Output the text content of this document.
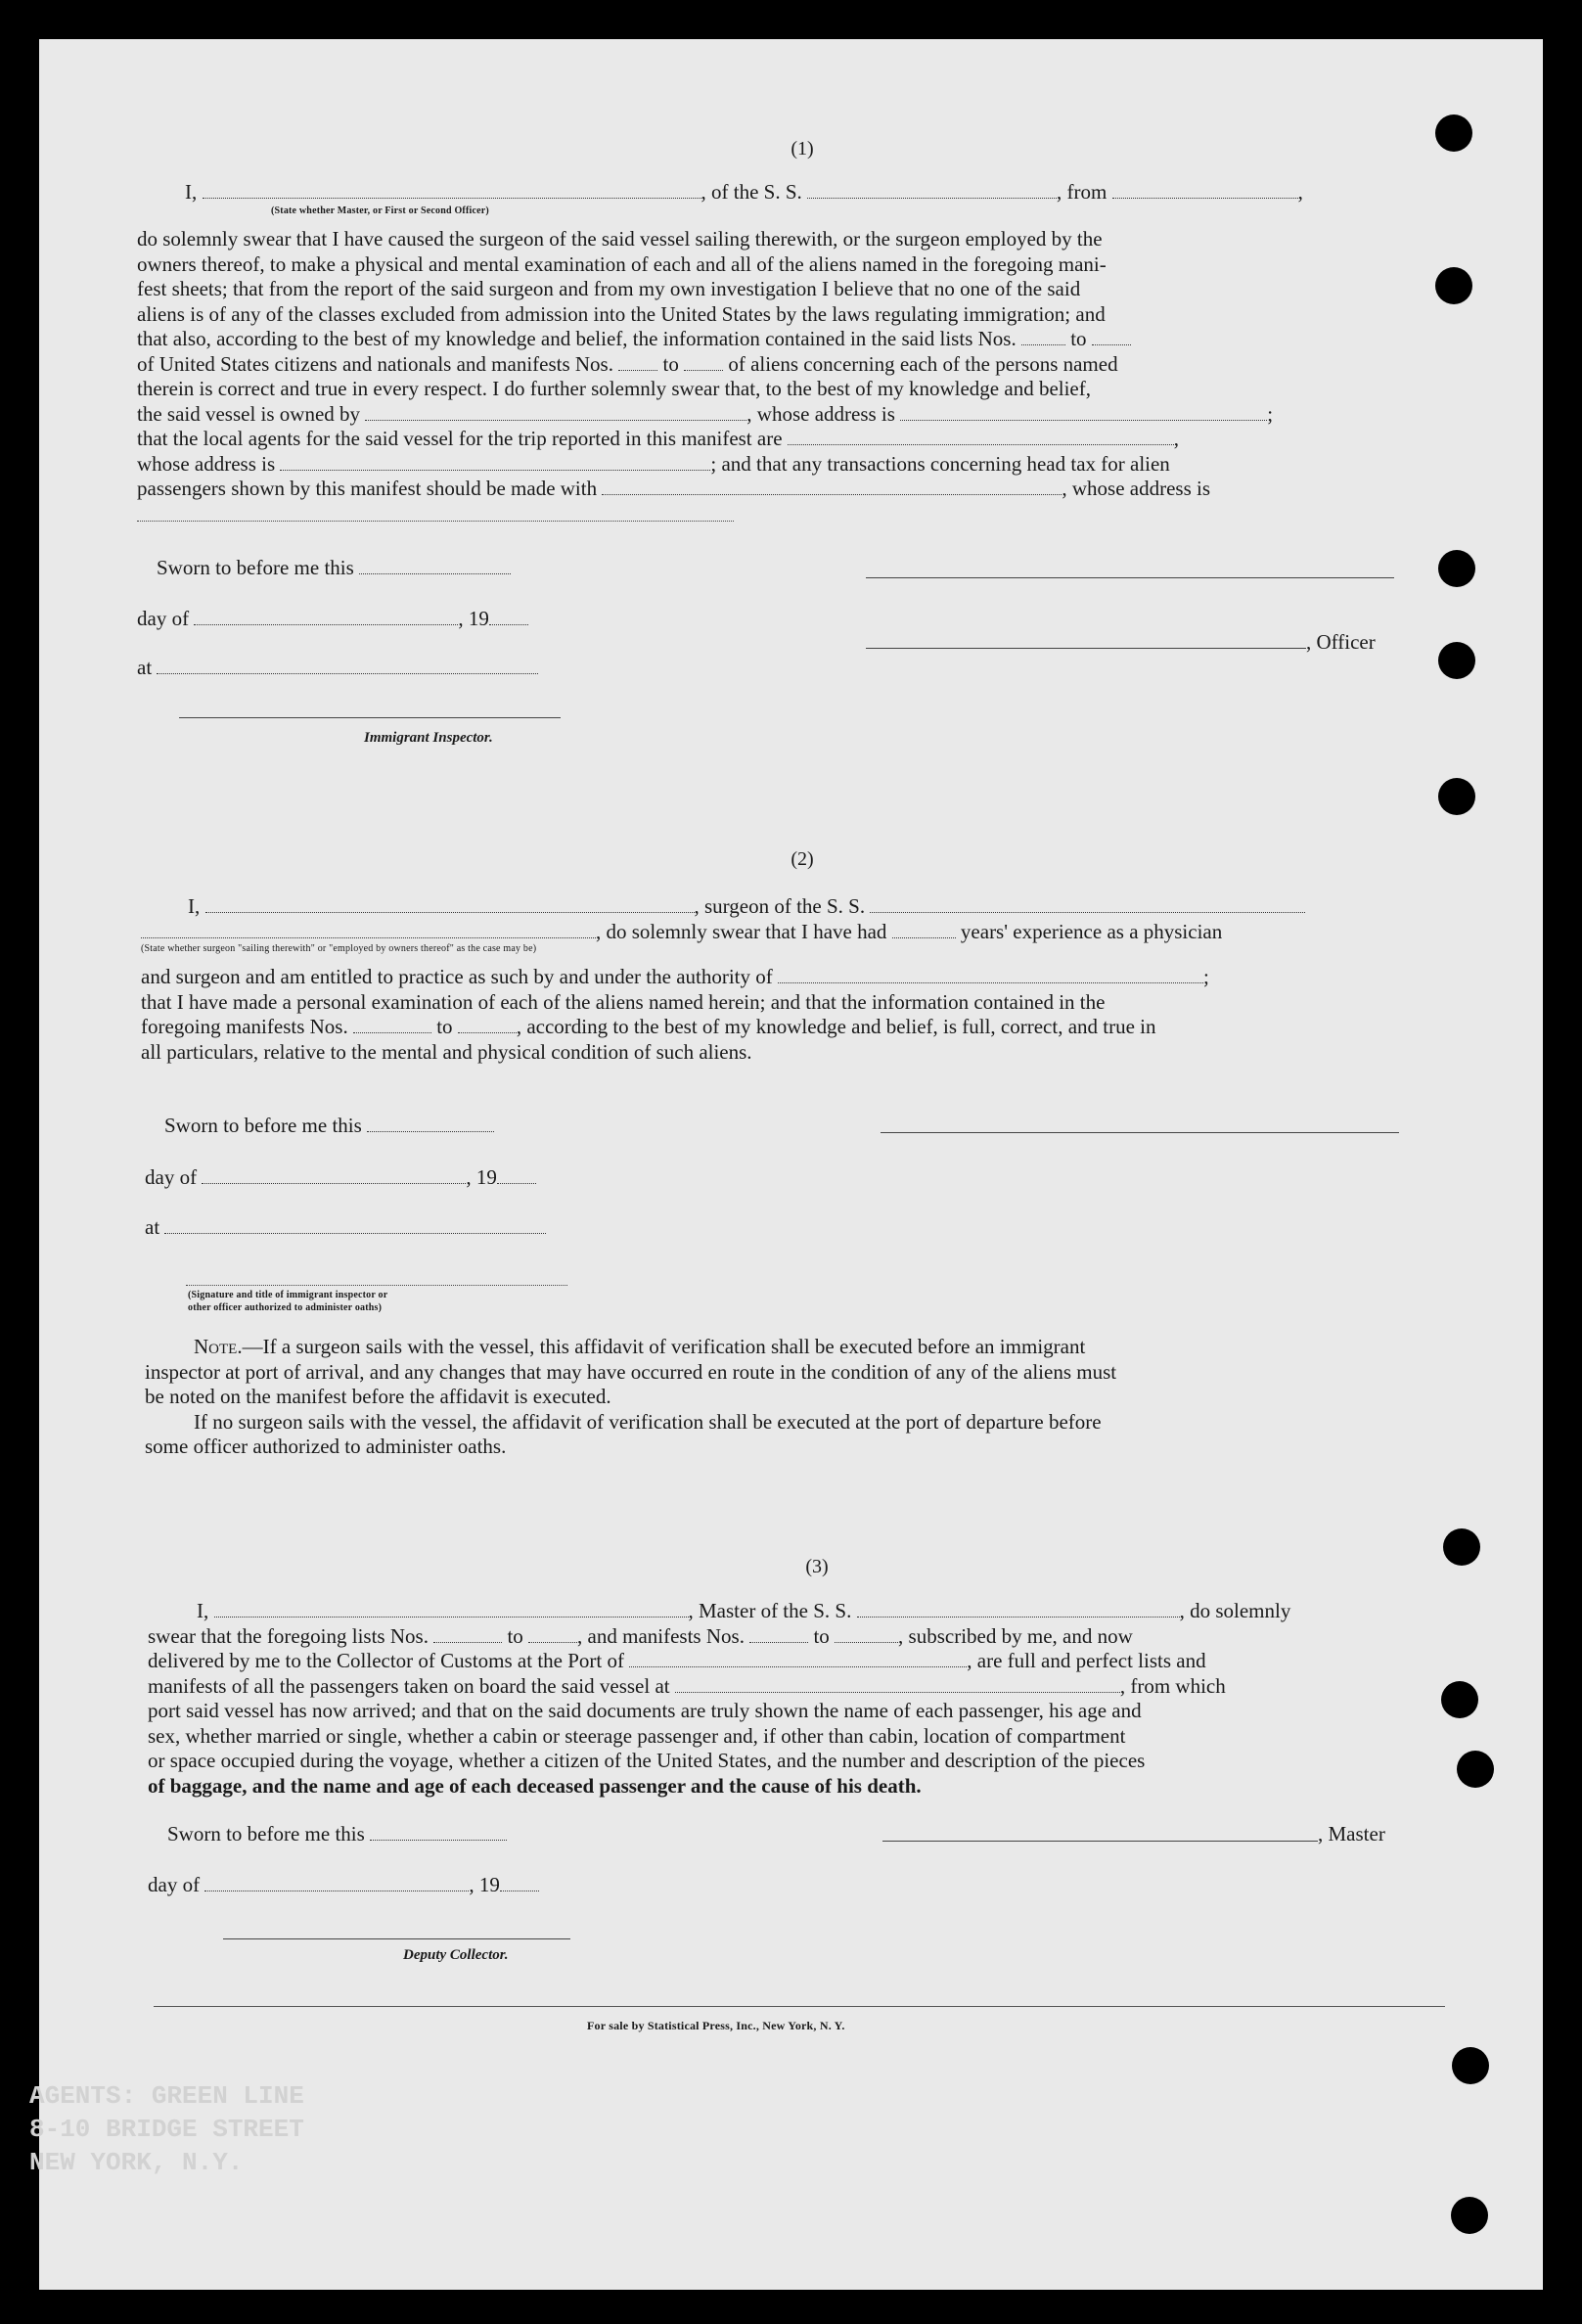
(1)
I,	, of the S. S.	, from	,
(State whether Master, or First or Second Officer)

do solemnly swear that I have caused the surgeon of the said vessel sailing therewith, or the surgeon employed by the

owners thereof, to make a physical and mental examination of each and all of the aliens named in the foregoing mani-

fest sheets; that from the report of the said surgeon and from my own investigation I believe that no one of the said

aliens is of any of the classes excluded from admission into the United States by the laws regulating immigration; and

that also, according to the best of my knowledge and belief, the information contained in the said lists Nos.	to

of United States citizens and nationals and manifests Nos. to of aliens concerning each of the persons named

therein is correct and true in every respect. I do further solemnly swear that, to the best of my knowledge and belief,

the said vessel is owned by	, whose address is	;

that the local agents for the said vessel for the trip reported in this manifest are	,

whose address is	; and that any transactions concerning head tax for alien

passengers shown by this manifest should be made with	, whose address is

Sworn to before me this
day of	, 19
at
Immigrant Inspector.
, Officer
(2)
I,	, surgeon of the S. S.
, do solemnly swear that I have had	years' experience as a physician
(State whether surgeon "sailing therewith" or "employed by owners thereof" as the case may be)

and surgeon and am entitled to practice as such by and under the authority of	;

that I have made a personal examination of each of the aliens named herein; and that the information contained in the

foregoing manifests Nos.	to	, according to the best of my knowledge and belief, is full, correct, and true in

all particulars, relative to the mental and physical condition of such aliens.

Sworn to before me this
day of	, 19
at
(Signature and title of immigrant inspector or
other officer authorized to administer oaths)

Note.—If a surgeon sails with the vessel, this affidavit of verification shall be executed before an immigrant

inspector at port of arrival, and any changes that may have occurred en route in the condition of any of the aliens must

be noted on the manifest before the affidavit is executed.

If no surgeon sails with the vessel, the affidavit of verification shall be executed at the port of departure before

some officer authorized to administer oaths.

(3)

I,	, Master of the S. S.	, do solemnly

swear that the foregoing lists Nos.	to	, and manifests Nos.	to	, subscribed by me, and now

delivered by me to the Collector of Customs at the Port of	, are full and perfect lists and

manifests of all the passengers taken on board the said vessel at	, from which

port said vessel has now arrived; and that on the said documents are truly shown the name of each passenger, his age and

sex, whether married or single, whether a cabin or steerage passenger and, if other than cabin, location of compartment

or space occupied during the voyage, whether a citizen of the United States, and the number and description of the pieces

of baggage, and the name and age of each deceased passenger and the cause of his death.

Sworn to before me this
day of	, 19
Deputy Collector.
, Master
For sale by Statistical Press, Inc., New York, N. Y.
AGENTS: GREEN LINE
8-10 BRIDGE STREET
NEW YORK, N.Y.
